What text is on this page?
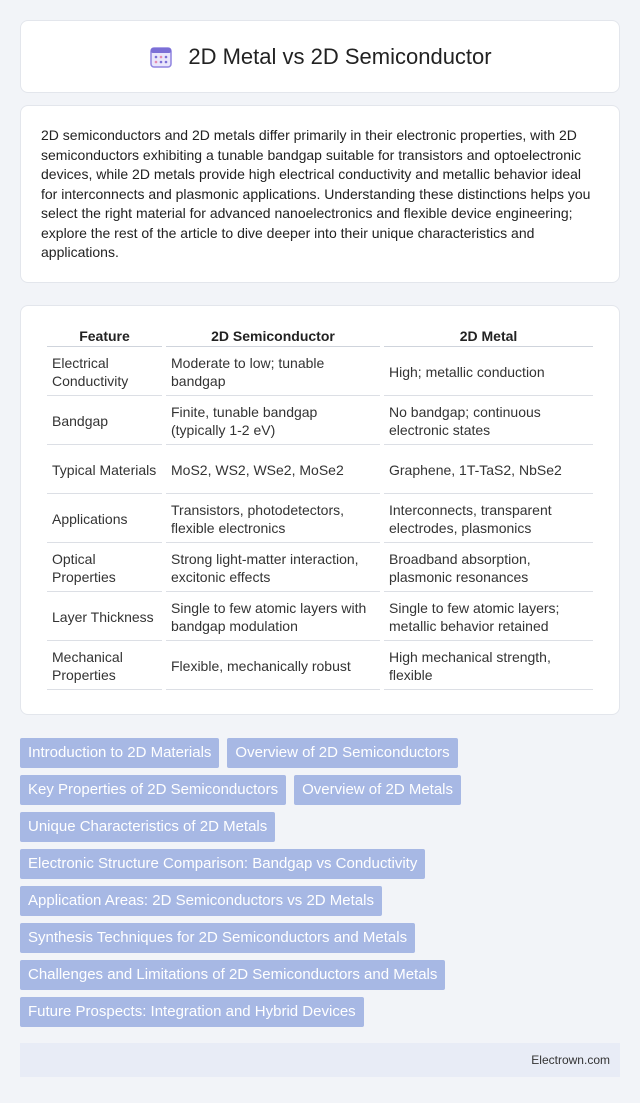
2D Metal vs 2D Semiconductor

2D semiconductors and 2D metals differ primarily in their electronic properties, with 2D semiconductors exhibiting a tunable bandgap suitable for transistors and optoelectronic devices, while 2D metals provide high electrical conductivity and metallic behavior ideal for interconnects and plasmonic applications. Understanding these distinctions helps you select the right material for advanced nanoelectronics and flexible device engineering; explore the rest of the article to dive deeper into their unique characteristics and applications.

Feature	2D Semiconductor	2D Metal
Electrical Conductivity	Moderate to low; tunable bandgap	High; metallic conduction
Bandgap	Finite, tunable bandgap (typically 1-2 eV)	No bandgap; continuous electronic states
Typical Materials	MoS2, WS2, WSe2, MoSe2	Graphene, 1T-TaS2, NbSe2
Applications	Transistors, photodetectors, flexible electronics	Interconnects, transparent electrodes, plasmonics
Optical Properties	Strong light-matter interaction, excitonic effects	Broadband absorption, plasmonic resonances
Layer Thickness	Single to few atomic layers with bandgap modulation	Single to few atomic layers; metallic behavior retained
Mechanical Properties	Flexible, mechanically robust	High mechanical strength, flexible
Introduction to 2D Materials	Overview of 2D Semiconductors
Key Properties of 2D Semiconductors	Overview of 2D Metals
Unique Characteristics of 2D Metals
Electronic Structure Comparison: Bandgap vs Conductivity
Application Areas: 2D Semiconductors vs 2D Metals
Synthesis Techniques for 2D Semiconductors and Metals
Challenges and Limitations of 2D Semiconductors and Metals
Future Prospects: Integration and Hybrid Devices
Electrown.com
